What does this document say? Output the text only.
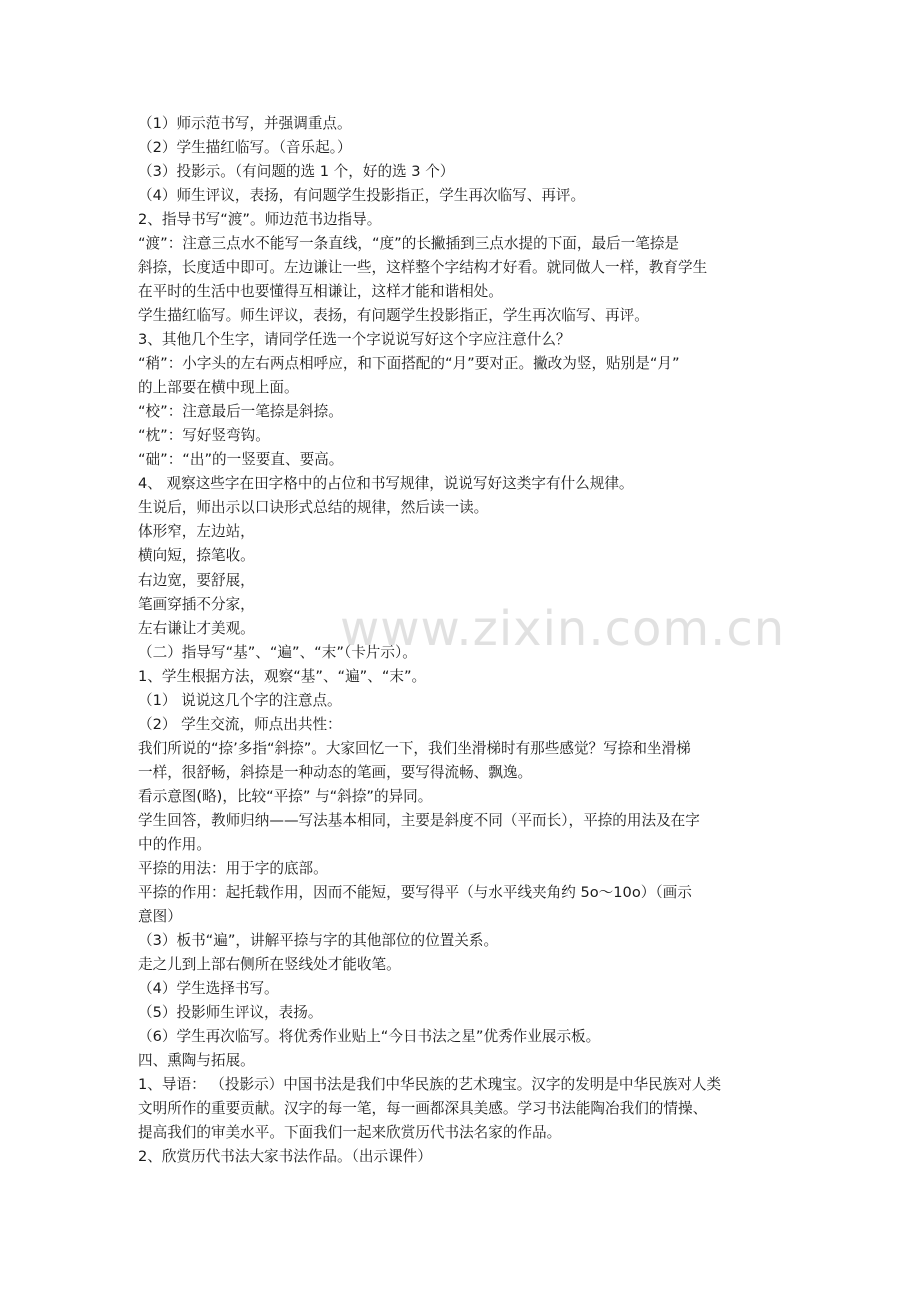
www.zixin.com.cn
（1）师示范书写，并强调重点。
（2）学生描红临写。（音乐起。）
（3）投影示。（有问题的选 1 个，好的选 3 个）
（4）师生评议，表扬，有问题学生投影指正，学生再次临写、再评。
2、指导书写“渡”。师边范书边指导。
“渡”：注意三点水不能写一条直线，“度”的长撇插到三点水提的下面，最后一笔捺是
斜捺，长度适中即可。左边谦让一些，这样整个字结构才好看。就同做人一样，教育学生
在平时的生活中也要懂得互相谦让，这样才能和谐相处。
学生描红临写。师生评议，表扬，有问题学生投影指正，学生再次临写、再评。
3、其他几个生字，请同学任选一个字说说写好这个字应注意什么？
“稍”：小字头的左右两点相呼应，和下面搭配的“月”要对正。撇改为竖，贴别是“月”
的上部要在横中现上面。
“校”：注意最后一笔捺是斜捺。
“枕”：写好竖弯钩。
“础”：“出”的一竖要直、要高。
4、 观察这些字在田字格中的占位和书写规律，说说写好这类字有什么规律。
生说后，师出示以口诀形式总结的规律，然后读一读。
体形窄，左边站，
横向短，捺笔收。
右边宽，要舒展，
笔画穿插不分家，
左右谦让才美观。
（二）指导写“基”、“遍”、“末”（卡片示）。
1、学生根据方法，观察“基”、“遍”、“末”。
（1） 说说这几个字的注意点。
（2） 学生交流，师点出共性：
我们所说的“捺’多指“斜捺”。大家回忆一下，我们坐滑梯时有那些感觉？写捺和坐滑梯
一样，很舒畅，斜捺是一种动态的笔画，要写得流畅、飘逸。
看示意图(略)，比较“平捺” 与“斜捺”的异同。
学生回答，教师归纳——写法基本相同，主要是斜度不同（平而长），平捺的用法及在字
中的作用。
平捺的用法：用于字的底部。
平捺的作用：起托载作用，因而不能短，要写得平（与水平线夹角约 5o～10o）（画示
意图）
（3）板书“遍”，讲解平捺与字的其他部位的位置关系。
走之儿到上部右侧所在竖线处才能收笔。
（4）学生选择书写。
（5）投影师生评议，表扬。
（6）学生再次临写。将优秀作业贴上“今日书法之星”优秀作业展示板。
四、熏陶与拓展。
1、导语： （投影示）中国书法是我们中华民族的艺术瑰宝。汉字的发明是中华民族对人类
文明所作的重要贡献。汉字的每一笔，每一画都深具美感。学习书法能陶冶我们的情操、
提高我们的审美水平。下面我们一起来欣赏历代书法名家的作品。
2、欣赏历代书法大家书法作品。（出示课件）
